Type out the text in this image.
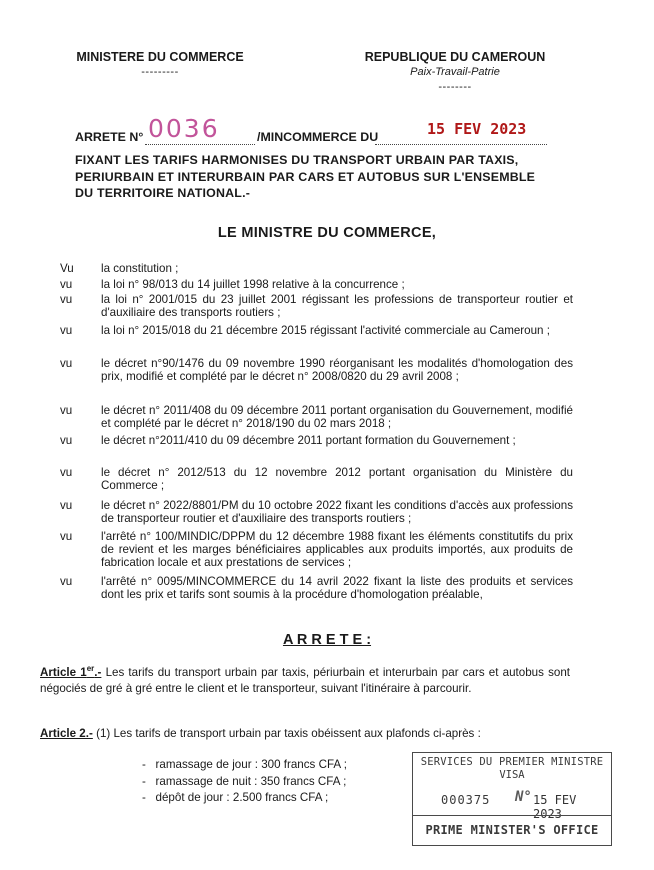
MINISTERE DU COMMERCE
---------
REPUBLIQUE DU CAMEROUN
Paix-Travail-Patrie
--------
ARRETE N° 0036	/MINCOMMERCE DU	15 FEV 2023
FIXANT LES TARIFS HARMONISES DU TRANSPORT URBAIN PAR TAXIS,
PERIURBAIN ET INTERURBAIN PAR CARS ET AUTOBUS SUR L'ENSEMBLE
DU TERRITOIRE NATIONAL.-
LE MINISTRE DU COMMERCE,
Vu	la constitution ;
vu	la loi n° 98/013 du 14 juillet 1998 relative à la concurrence ;
vu	la loi n° 2001/015 du 23 juillet 2001 régissant les professions de transporteur routier et d'auxiliaire des transports routiers ;
vu	la loi n° 2015/018 du 21 décembre 2015 régissant l'activité commerciale au Cameroun ;
vu	le décret n°90/1476 du 09 novembre 1990 réorganisant les modalités d'homologation des prix, modifié et complété par le décret n° 2008/0820 du 29 avril 2008 ;
vu	le décret n° 2011/408 du 09 décembre 2011 portant organisation du Gouvernement, modifié et complété par le décret n° 2018/190 du 02 mars 2018 ;
vu	le décret n°2011/410 du 09 décembre 2011 portant formation du Gouvernement ;
vu	le décret n° 2012/513 du 12 novembre 2012 portant organisation du Ministère du Commerce ;
vu	le décret n° 2022/8801/PM du 10 octobre 2022 fixant les conditions d'accès aux professions de transporteur routier et d'auxiliaire des transports routiers ;
vu	l'arrêté n° 100/MINDIC/DPPM du 12 décembre 1988 fixant les éléments constitutifs du prix de revient et les marges bénéficiaires applicables aux produits importés, aux produits de fabrication locale et aux prestations de services ;
vu	l'arrêté n° 0095/MINCOMMERCE du 14 avril 2022 fixant la liste des produits et services dont les prix et tarifs sont soumis à la procédure d'homologation préalable,
A R R E T E :
Article 1er.- Les tarifs du transport urbain par taxis, périurbain et interurbain par cars et autobus sont négociés de gré à gré entre le client et le transporteur, suivant l'itinéraire à parcourir.
Article 2.- (1) Les tarifs de transport urbain par taxis obéissent aux plafonds ci-après :
-   ramassage de jour : 300 francs CFA ;
-   ramassage de nuit : 350 francs CFA ;
-   dépôt de jour : 2.500 francs CFA ;
SERVICES DU PREMIER MINISTRE
VISA
000375 N° 15 FEV 2023
PRIME MINISTER'S OFFICE
